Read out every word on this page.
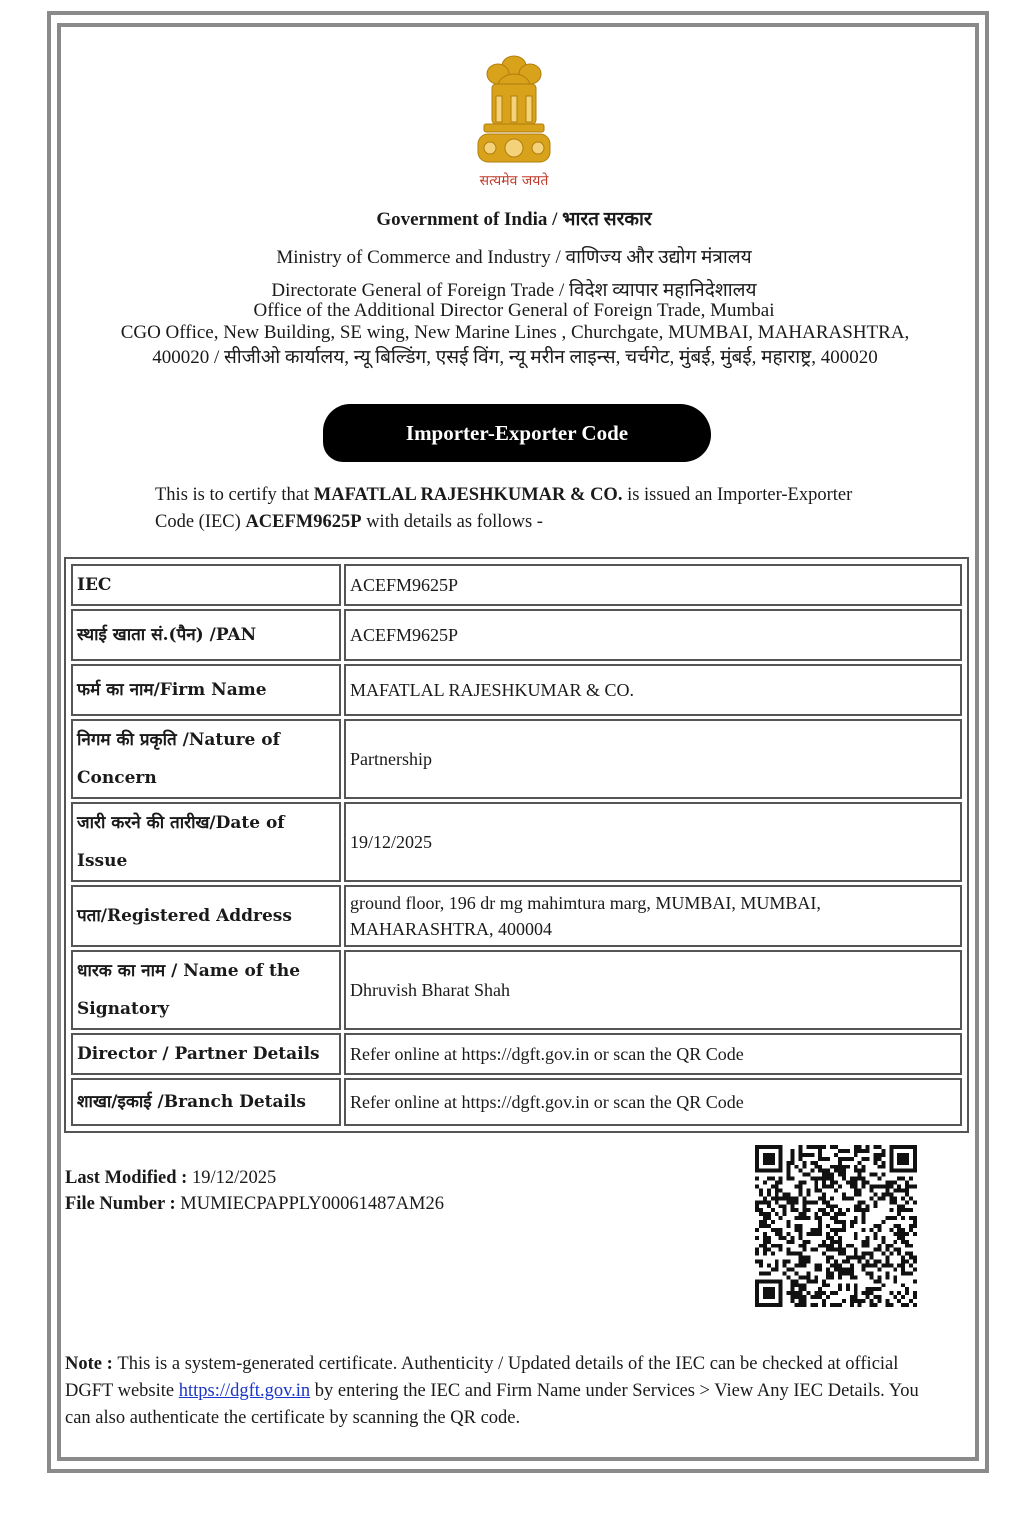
सत्यमेव जयते
Government of India / भारत सरकार
Ministry of Commerce and Industry / वाणिज्य और उद्योग मंत्रालय
Directorate General of Foreign Trade / विदेश व्यापार महानिदेशालय
Office of the Additional Director General of Foreign Trade, Mumbai
CGO Office, New Building, SE wing, New Marine Lines , Churchgate, MUMBAI, MAHARASHTRA,
400020 / सीजीओ कार्यालय, न्यू बिल्डिंग, एसई विंग, न्यू मरीन लाइन्स, चर्चगेट, मुंबई, मुंबई, महाराष्ट्र, 400020
Importer-Exporter Code
This is to certify that MAFATLAL RAJESHKUMAR & CO. is issued an Importer-Exporter Code (IEC) ACEFM9625P with details as follows -
IEC	ACEFM9625P
स्थाई खाता सं.(पैन) /PAN	ACEFM9625P
फर्म का नाम/Firm Name	MAFATLAL RAJESHKUMAR & CO.
निगम की प्रकृति /Nature of Concern	Partnership
जारी करने की तारीख/Date of Issue	19/12/2025
पता/Registered Address	ground floor, 196 dr mg mahimtura marg, MUMBAI, MUMBAI, MAHARASHTRA, 400004
धारक का नाम / Name of the Signatory	Dhruvish Bharat Shah
Director / Partner Details	Refer online at https://dgft.gov.in or scan the QR Code
शाखा/इकाई /Branch Details	Refer online at https://dgft.gov.in or scan the QR Code
Last Modified : 19/12/2025
File Number : MUMIECPAPPLY00061487AM26
Note : This is a system-generated certificate. Authenticity / Updated details of the IEC can be checked at official DGFT website https://dgft.gov.in by entering the IEC and Firm Name under Services > View Any IEC Details. You can also authenticate the certificate by scanning the QR code.
